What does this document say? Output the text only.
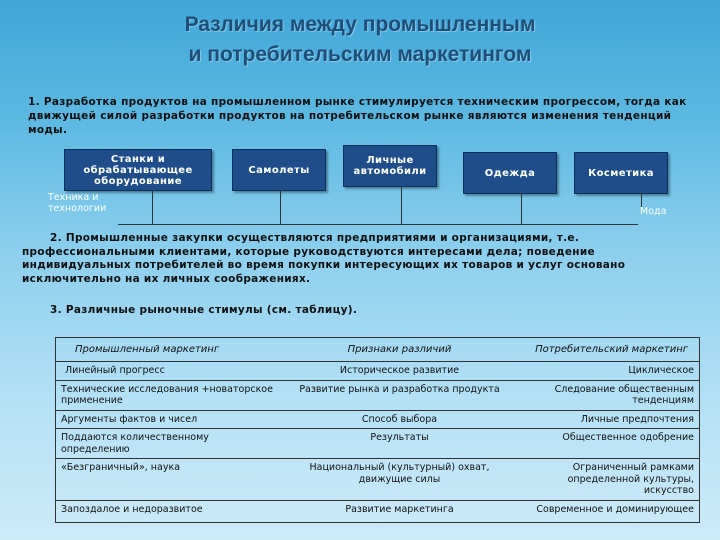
Различия между промышленным
и потребительским маркетингом
1. Разработка продуктов на промышленном рынке стимулируется техническим прогрессом, тогда как движущей силой разработки продуктов на потребительском рынке являются изменения тенденций моды.
Станки и обрабатывающее оборудование
Самолеты
Личные автомобили	Одежда	Косметика
Техника и технологии	Мода
2. Промышленные закупки осуществляются предприятиями и организациями, т.е. профессиональными клиентами, которые руководствуются интересами дела; поведение индивидуальных потребителей во время покупки интересующих их товаров и услуг основано исключительно на их личных соображениях.
3. Различные рыночные стимулы (см. таблицу).
Промышленный маркетинг	Признаки различий	Потребительский маркетинг
Линейный прогресс	Историческое развитие	Циклическое
Технические исследования +новаторское применение	Развитие рынка и разработка продукта	Следование общественным тенденциям
Аргументы фактов и чисел	Способ выбора	Личные предпочтения
Поддаются количественному определению	Результаты	Общественное одобрение
«Безграничный», наука	Национальный (культурный) охват, движущие силы	Ограниченный рамками определенной культуры, искусство
Запоздалое и недоразвитое	Развитие маркетинга	Современное и доминирующее
